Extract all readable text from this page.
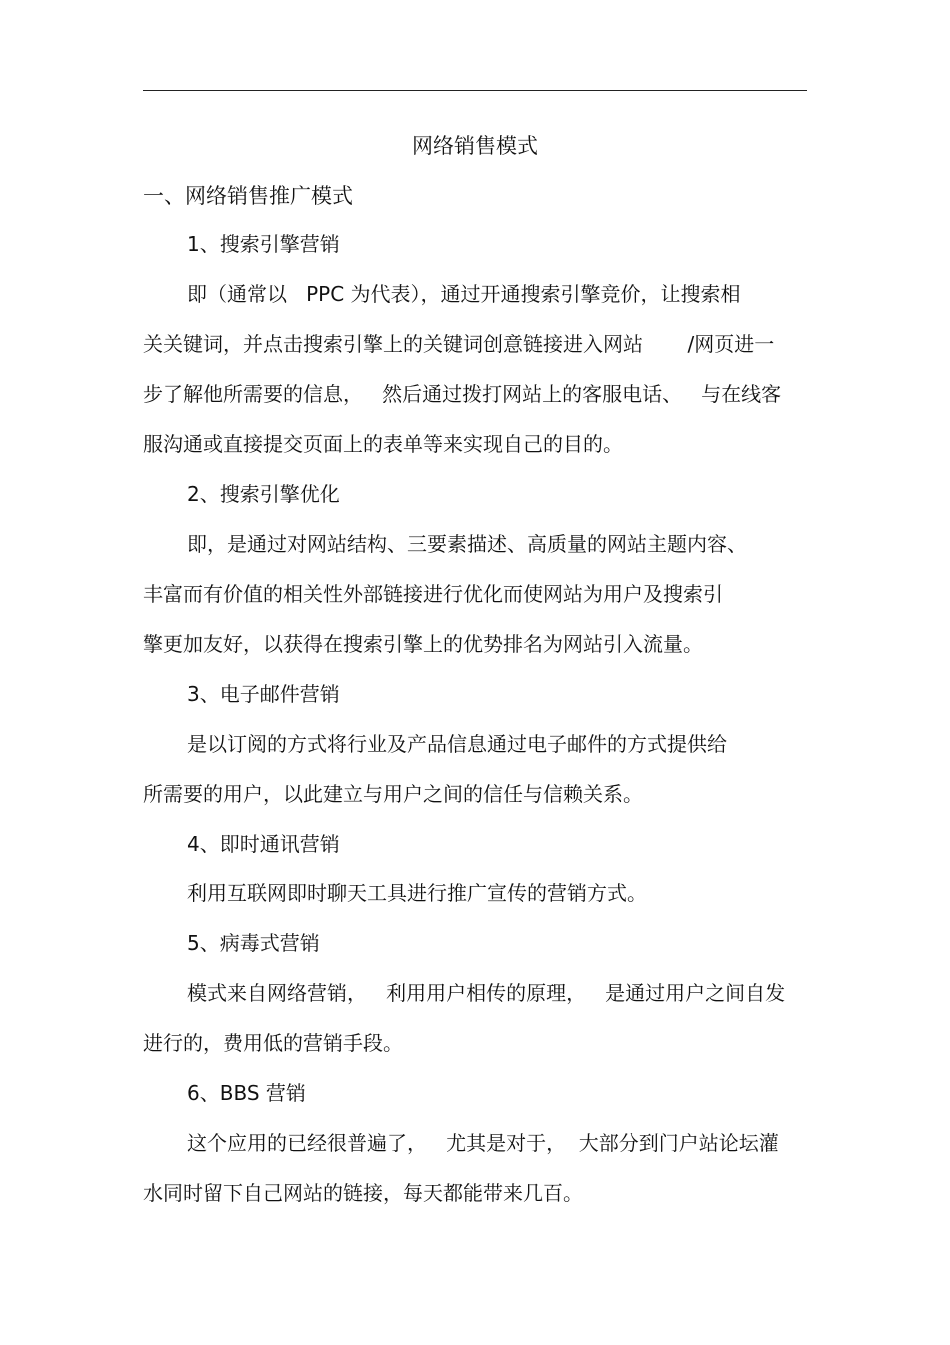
网络销售模式
一、网络销售推广模式
1、搜索引擎营销
即（通常以   PPC 为代表），通过开通搜索引擎竞价，让搜索相
关关键词，并点击搜索引擎上的关键词创意链接进入网站       /网页进一
步了解他所需要的信息，   然后通过拨打网站上的客服电话、   与在线客
服沟通或直接提交页面上的表单等来实现自己的目的。
2、搜索引擎优化
即，是通过对网站结构、三要素描述、高质量的网站主题内容、
丰富而有价值的相关性外部链接进行优化而使网站为用户及搜索引
擎更加友好，以获得在搜索引擎上的优势排名为网站引入流量。
3、电子邮件营销
是以订阅的方式将行业及产品信息通过电子邮件的方式提供给
所需要的用户，以此建立与用户之间的信任与信赖关系。
4、即时通讯营销
利用互联网即时聊天工具进行推广宣传的营销方式。
5、病毒式营销
模式来自网络营销，   利用用户相传的原理，   是通过用户之间自发
进行的，费用低的营销手段。
6、BBS 营销
这个应用的已经很普遍了，   尤其是对于，  大部分到门户站论坛灌
水同时留下自己网站的链接，每天都能带来几百。
